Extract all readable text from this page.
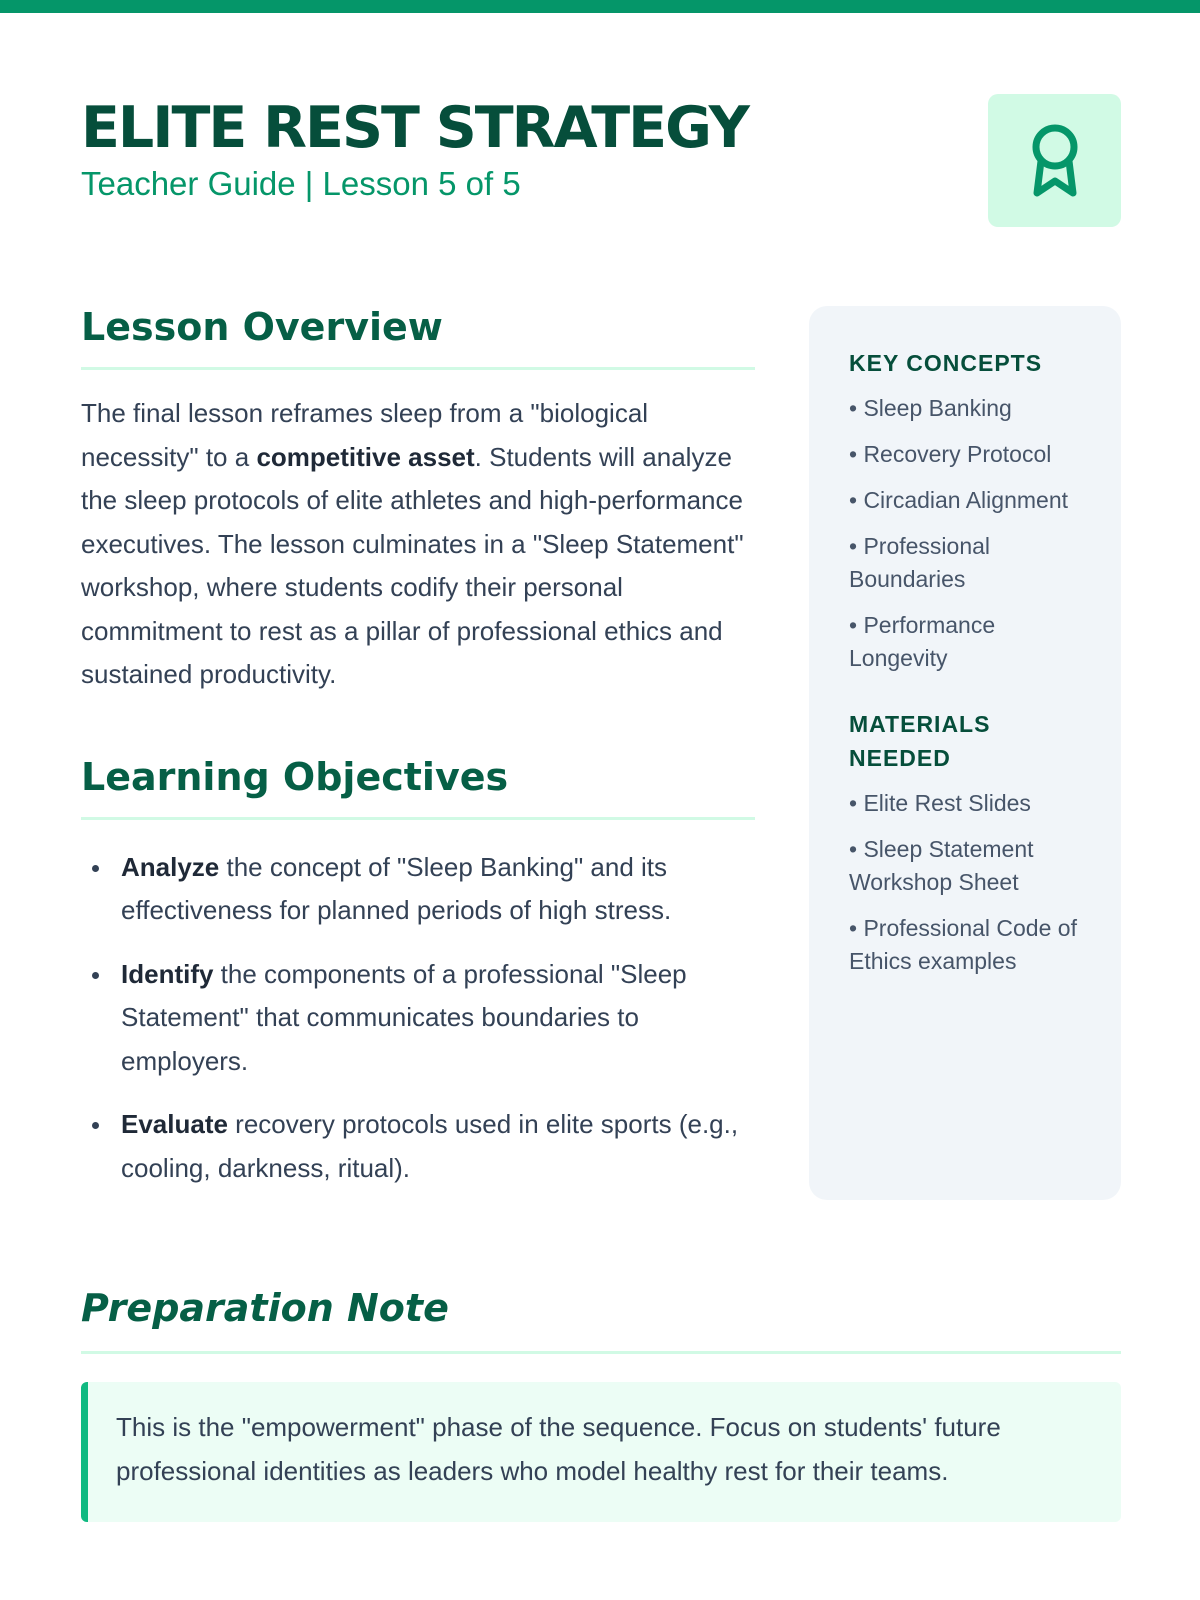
ELITE REST STRATEGY
Teacher Guide | Lesson 5 of 5
Lesson Overview

The final lesson reframes sleep from a "biological necessity" to a competitive asset. Students will analyze the sleep protocols of elite athletes and high-performance executives. The lesson culminates in a "Sleep Statement" workshop, where students codify their personal commitment to rest as a pillar of professional ethics and sustained productivity.

Learning Objectives
Analyze the concept of "Sleep Banking" and its effectiveness for planned periods of high stress.
Identify the components of a professional "Sleep Statement" that communicates boundaries to employers.
Evaluate recovery protocols used in elite sports (e.g., cooling, darkness, ritual).
KEY CONCEPTS
• Sleep Banking
• Recovery Protocol
• Circadian Alignment
• Professional Boundaries
• Performance Longevity
MATERIALS NEEDED
• Elite Rest Slides
• Sleep Statement Workshop Sheet
• Professional Code of Ethics examples
Preparation Note
This is the "empowerment" phase of the sequence. Focus on students' future professional identities as leaders who model healthy rest for their teams.
